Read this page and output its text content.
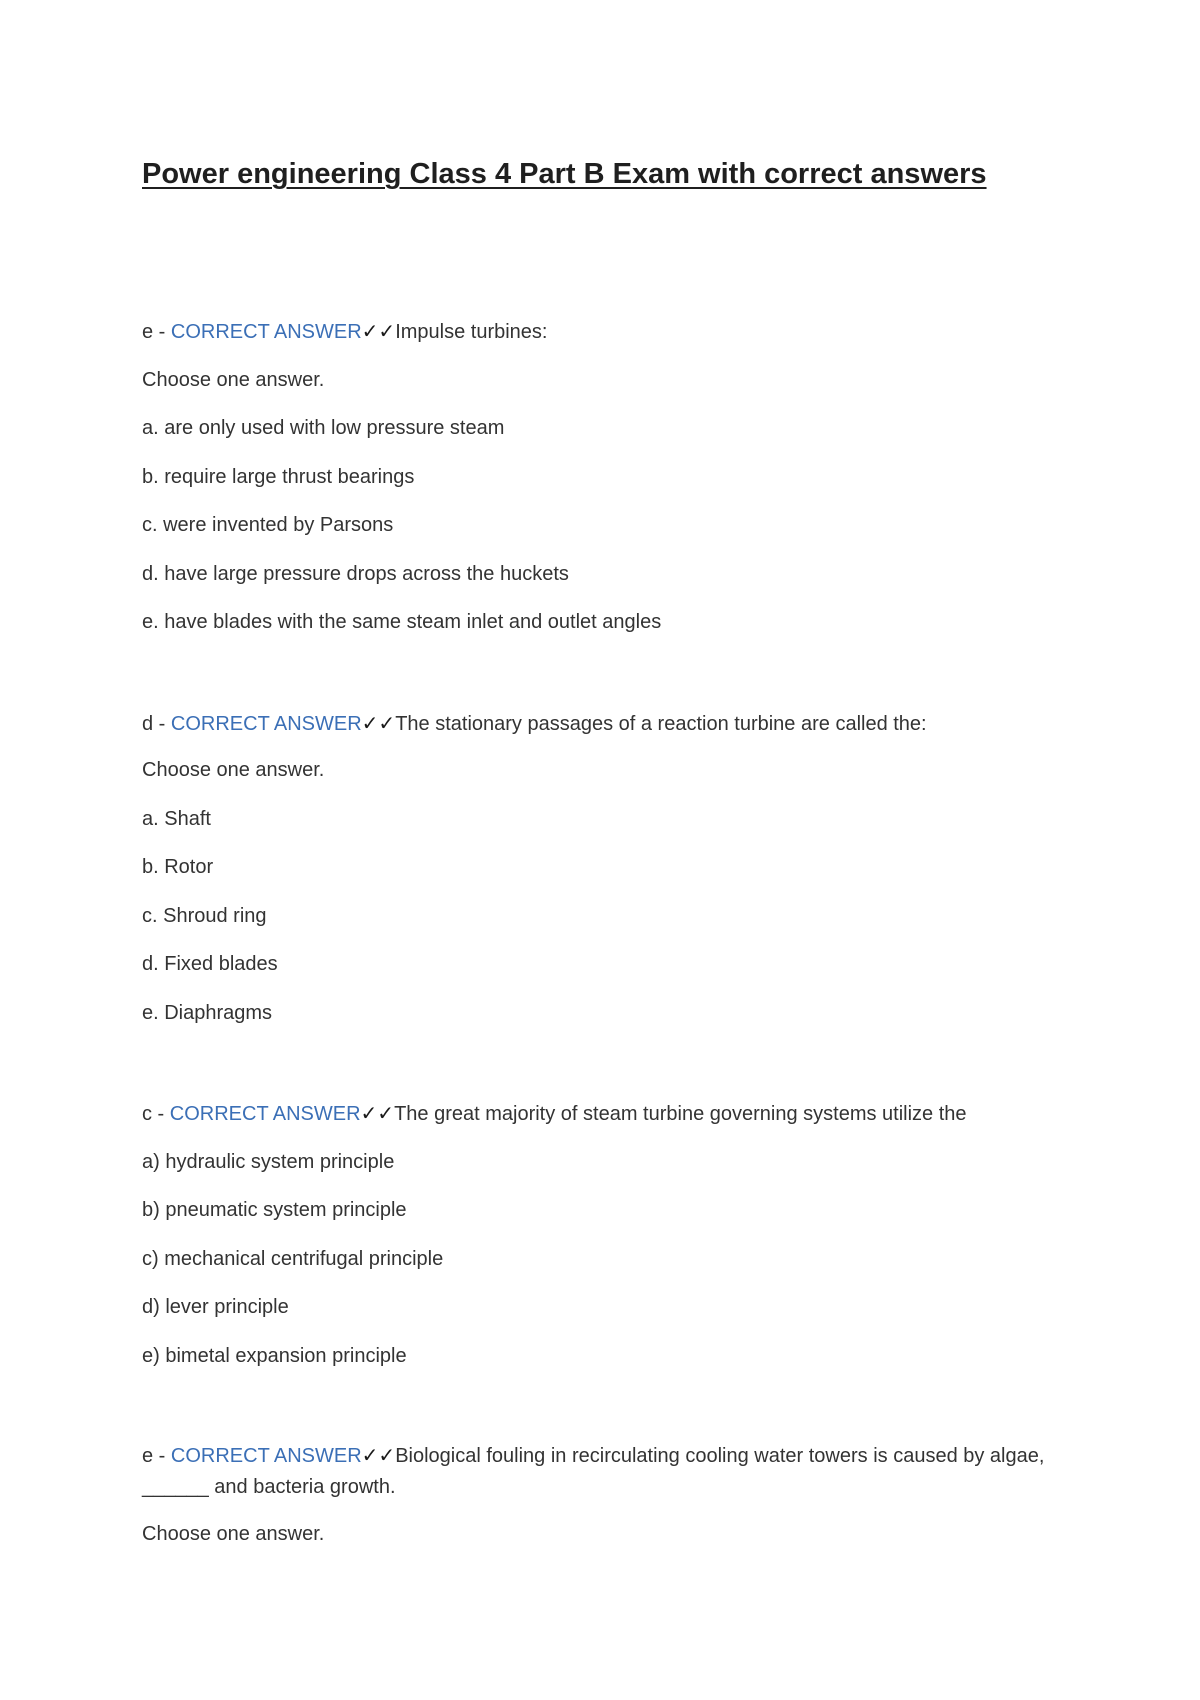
Power engineering Class 4 Part B Exam with correct answers
e - CORRECT ANSWER✓✓Impulse turbines:
Choose one answer.
a. are only used with low pressure steam
b. require large thrust bearings
c. were invented by Parsons
d. have large pressure drops across the huckets
e. have blades with the same steam inlet and outlet angles
d - CORRECT ANSWER✓✓The stationary passages of a reaction turbine are called the:
Choose one answer.
a. Shaft
b. Rotor
c. Shroud ring
d. Fixed blades
e. Diaphragms
c - CORRECT ANSWER✓✓The great majority of steam turbine governing systems utilize the
a) hydraulic system principle
b) pneumatic system principle
c) mechanical centrifugal principle
d) lever principle
e) bimetal expansion principle
e - CORRECT ANSWER✓✓Biological fouling in recirculating cooling water towers is caused by algae,
______ and bacteria growth.
Choose one answer.
